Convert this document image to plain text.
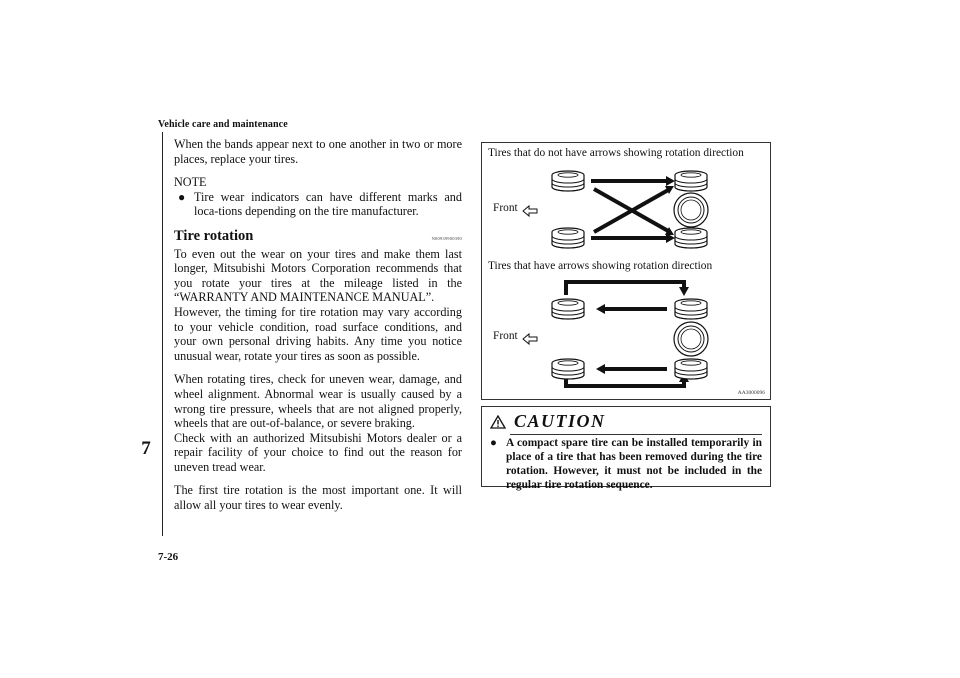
Vehicle care and maintenance
7

When the bands appear next to one another in two or more places, replace your tires.

NOTE

● Tire wear indicators can have different marks and loca-tions depending on the tire manufacturer.

Tire rotation	N00939900390

To even out the wear on your tires and make them last longer, Mitsubishi Motors Corporation recommends that you rotate your tires at the mileage listed in the “WARRANTY AND MAINTENANCE MANUAL”.

However, the timing for tire rotation may vary according to your vehicle condition, road surface conditions, and your own personal driving habits. Any time you notice unusual wear, rotate your tires as soon as possible.

When rotating tires, check for uneven wear, damage, and wheel alignment. Abnormal wear is usually caused by a wrong tire pressure, wheels that are not aligned properly, wheels that are out-of-balance, or severe braking.

Check with an authorized Mitsubishi Motors dealer or a repair facility of your choice to find out the reason for uneven tread wear.

The first tire rotation is the most important one. It will allow all your tires to wear evenly.

Tires that do not have arrows showing rotation direction
Front
Tires that have arrows showing rotation direction
Front
AA3000096
CAUTION
● A compact spare tire can be installed temporarily in place of a tire that has been removed during the tire rotation. However, it must not be included in the regular tire rotation sequence.
7-26
